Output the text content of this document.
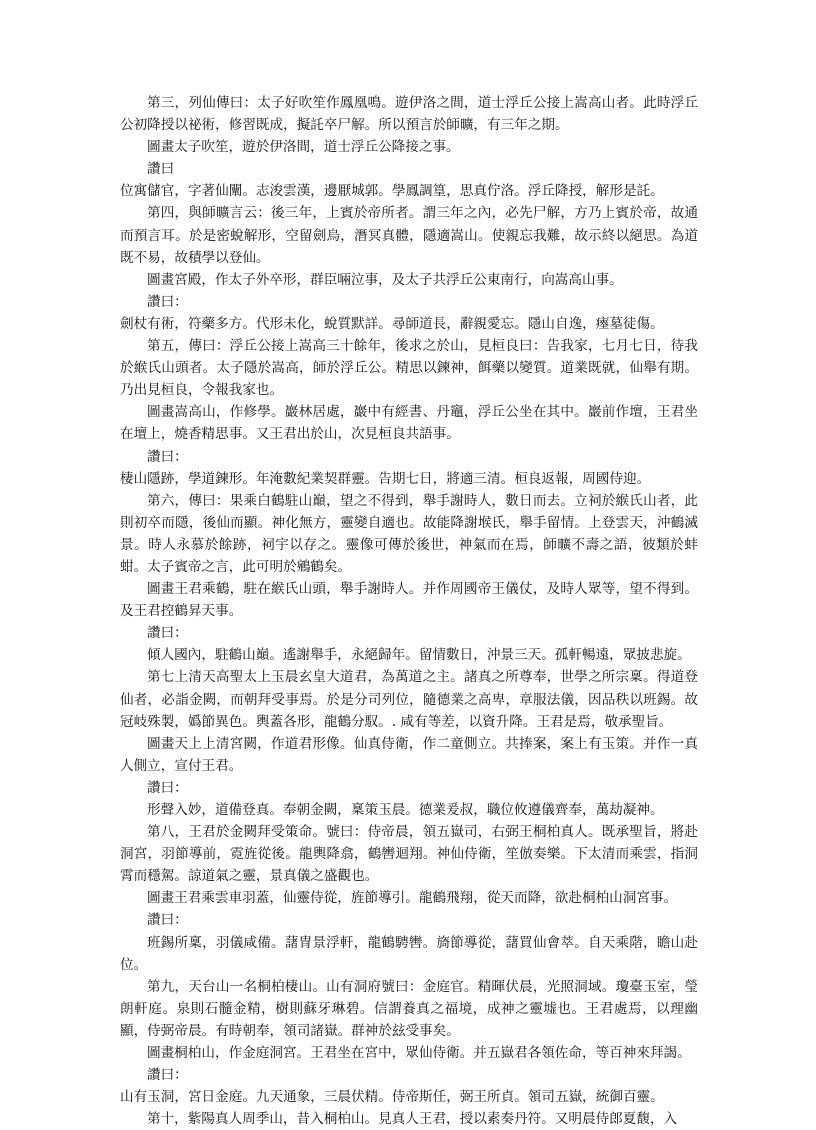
第三，列仙傳曰：太子好吹笙作鳳凰鳴。遊伊洛之間，道士浮丘公接上嵩高山者。此時浮丘公初降授以祕術，修習既成，擬託卒尸解。所以預言於師曠，有三年之期。

圖畫太子吹笙，遊於伊洛間，道士浮丘公降接之事。

讚曰

位寓儲官，字著仙闡。志浚雲漢，邊厭城郭。學鳳調篁，思真佇洛。浮丘降授，解形是託。

第四，與師曠言云：後三年，上賓於帝所者。謂三年之內，必先尸解，方乃上賓於帝，故通而預言耳。於是密蛻解形，空留劍烏，潛冥真體，隱適嵩山。使親忘我難，故示終以絕思。為道既不易，故積學以登仙。

圖畫宮殿，作太子外卒形，群臣啢泣事，及太子共浮丘公東南行，向嵩高山事。

讚曰：

劍杖有術，符藥多方。代形未化，蛻質默詳。尋師道長，辭親愛忘。隱山自逸，瘞墓徒傷。

第五，傳曰：浮丘公接上嵩高三十餘年，後求之於山，見桓良曰：告我家，七月七日，待我於緱氏山頭者。太子隱於嵩高，師於浮丘公。精思以鍊神，餌藥以變質。道業既就，仙舉有期。乃出見桓良，令報我家也。

圖畫嵩高山，作修學。巖林居處，巖中有經書、丹竈，浮丘公坐在其中。巖前作壇，王君坐在壇上，燒香精思事。又王君出於山，次見桓良共語事。

讚曰：

棲山隱跡，學道鍊形。年淹數紀業契群靈。告期七日，將適三清。桓良返報，周國侍迎。

第六，傳曰：果乘白鶴駐山巔，望之不得到，舉手謝時人，數日而去。立祠於緱氏山者，此則初卒而隱，後仙而顯。神化無方，靈變自適也。故能降謝堠氏，舉手留情。上登雲天，沖鶴滅景。時人永慕於餘跡，祠宇以存之。靈像可傳於後世，神氣而在焉，師曠不壽之語，彼類於蚌蚶。太子賓帝之言，此可明於鵷鶴矣。

圖畫王君乘鶴，駐在緱氏山頭，舉手謝時人。并作周國帝王儀仗，及時人眾等，望不得到。及王君控鶴昇天事。

讚曰：

傾人國內，駐鶴山巔。遙謝舉手，永絕歸年。留情數日，沖景三天。孤軒暢遠，眾披悲旋。

第七上清天高聖太上玉晨玄皇大道君，為萬道之主。諸真之所尊奉，世學之所宗稟。得道登仙者，必詣金闕，而朝拜受事焉。於是分司列位，隨德業之高卑，章服法儀，因品秩以班錫。故冠岐殊製，嬀節異色。輿蓋各形，龍鶴分馭。. 咸有等差，以資升降。王君是焉，敬承聖旨。

圖畫天上上清宮闕，作道君形像。仙真侍衛，作二童側立。共捧案，案上有玉策。并作一真人側立，宣付王君。

讚曰：

形聲入妙，道備登真。奉朝金闕，稟策玉晨。德業爰叔，職位攸遵儀齊奉，萬劫凝神。

第八，王君於金闕拜受策命。號曰：侍帝晨，領五嶽司，右弼王桐柏真人。既承聖旨，將赴洞宮，羽節導前，霓旌從後。龍輿降翕，鶴轡迴翔。神仙侍衛，笙倣奏樂。下太清而乘雲，指洞霄而穩駕。諒道氣之靈，景真儀之盛觀也。

圖畫王君乘雲車羽蓋，仙靈侍從，旌節導引。龍鶴飛翔，從天而降，欲赴桐柏山洞宮事。

讚曰：

班錫所稟，羽儀咸備。藷冑景浮軒，龍鶴騁轡。旖節導從，藷買仙會萃。自天乘階，瞻山赴位。

第九，天台山一名桐柏棲山。山有洞府號曰：金庭官。精暉伏晨，光照洞域。瓊臺玉室，瑩朗軒庭。泉則石髓金精，樹則蘇牙琳碧。信謂養真之福境，成神之靈墟也。王君處焉，以理幽顯，侍弼帝晨。有時朝奉，領司諸嶽。群神於玆受事矣。

圖畫桐柏山，作金庭洞宮。王君坐在宮中，眾仙侍衛。并五嶽君各領佐命，等百神來拜謁。

讚曰：

山有玉洞，宮日金庭。九天通象，三晨伏精。侍帝斯任，弼王所貞。領司五嶽，統御百靈。

第十，紫陽真人周季山，昔入桐柏山。見真人王君，授以素奏丹符。又明晨侍郎夏馥，入
